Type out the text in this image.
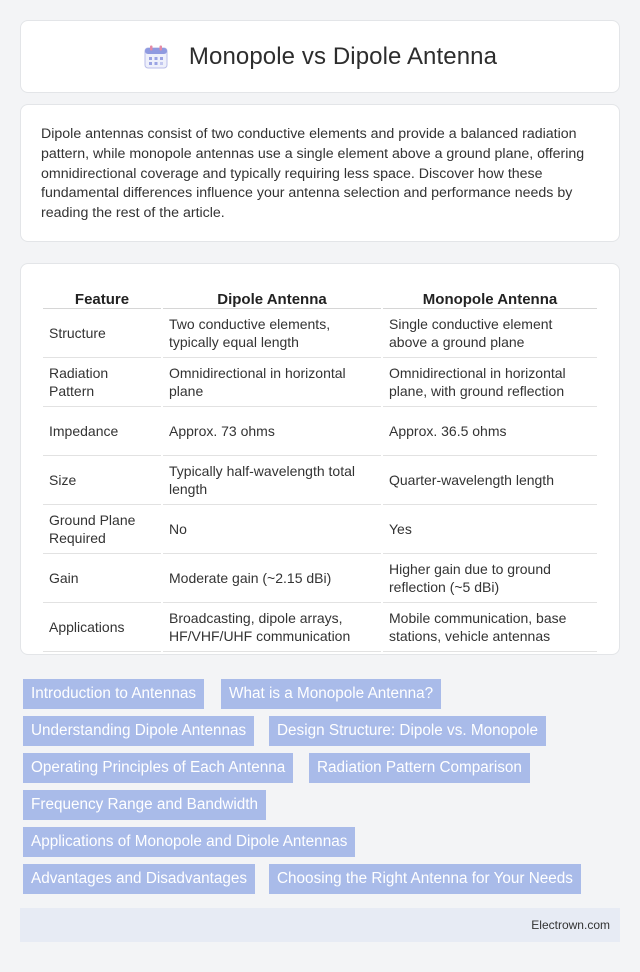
Monopole vs Dipole Antenna

Dipole antennas consist of two conductive elements and provide a balanced radiation pattern, while monopole antennas use a single element above a ground plane, offering omnidirectional coverage and typically requiring less space. Discover how these fundamental differences influence your antenna selection and performance needs by reading the rest of the article.

Feature	Dipole Antenna	Monopole Antenna
Structure	Two conductive elements, typically equal length	Single conductive element above a ground plane
Radiation Pattern	Omnidirectional in horizontal plane	Omnidirectional in horizontal plane, with ground reflection
Impedance	Approx. 73 ohms	Approx. 36.5 ohms
Size	Typically half-wavelength total length	Quarter-wavelength length
Ground Plane Required	No	Yes
Gain	Moderate gain (~2.15 dBi)	Higher gain due to ground reflection (~5 dBi)
Applications	Broadcasting, dipole arrays, HF/VHF/UHF communication	Mobile communication, base stations, vehicle antennas
Introduction to Antennas	What is a Monopole Antenna?
Understanding Dipole Antennas	Design Structure: Dipole vs. Monopole
Operating Principles of Each Antenna	Radiation Pattern Comparison
Frequency Range and Bandwidth
Applications of Monopole and Dipole Antennas
Advantages and Disadvantages	Choosing the Right Antenna for Your Needs
Electrown.com
